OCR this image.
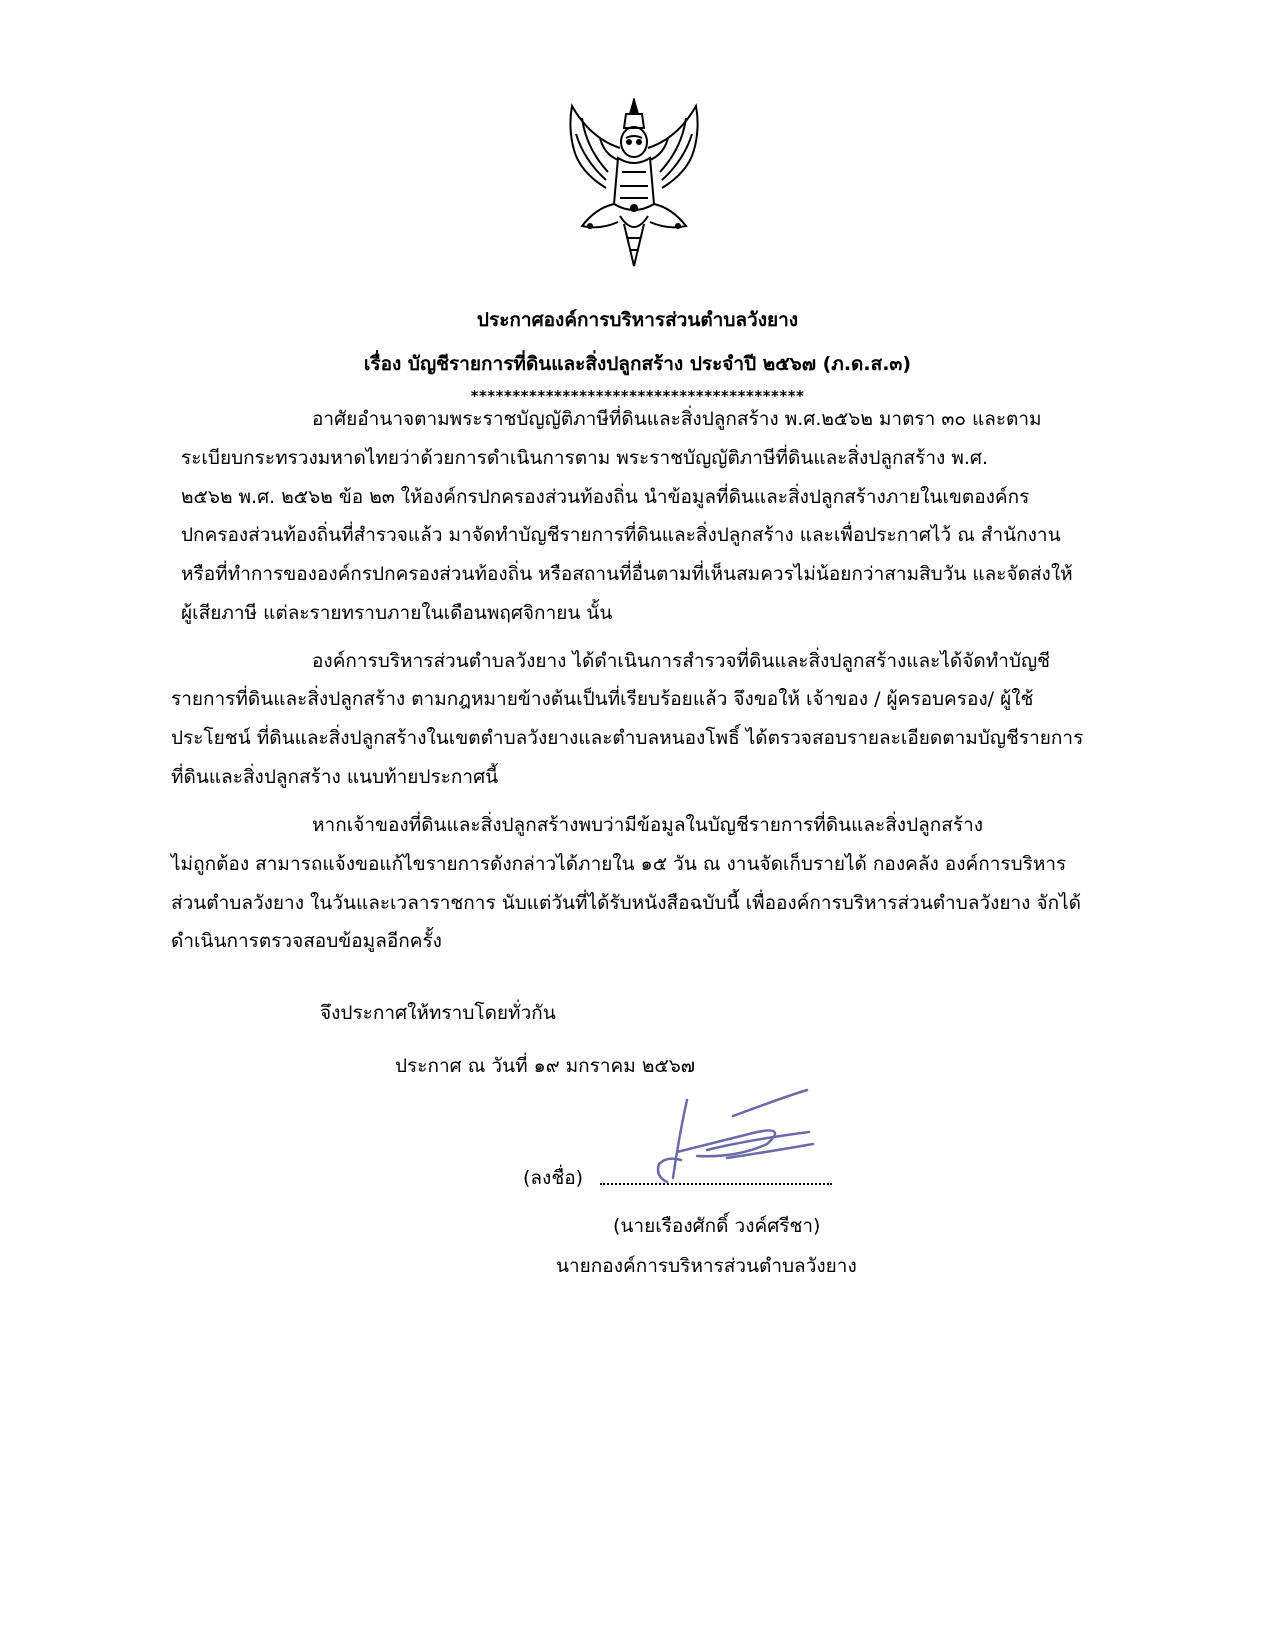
ประกาศองค์การบริหารส่วนตำบลวังยาง
เรื่อง บัญชีรายการที่ดินและสิ่งปลูกสร้าง ประจำปี ๒๕๖๗ (ภ.ด.ส.๓)
****************************************
อาศัยอำนาจตามพระราชบัญญัติภาษีที่ดินและสิ่งปลูกสร้าง พ.ศ.๒๕๖๒ มาตรา ๓๐ และตาม
ระเบียบกระทรวงมหาดไทยว่าด้วยการดำเนินการตาม พระราชบัญญัติภาษีที่ดินและสิ่งปลูกสร้าง พ.ศ.
๒๕๖๒ พ.ศ. ๒๕๖๒ ข้อ ๒๓ ให้องค์กรปกครองส่วนท้องถิ่น นำข้อมูลที่ดินและสิ่งปลูกสร้างภายในเขตองค์กร
ปกครองส่วนท้องถิ่นที่สำรวจแล้ว มาจัดทำบัญชีรายการที่ดินและสิ่งปลูกสร้าง และเพื่อประกาศไว้ ณ สำนักงาน
หรือที่ทำการขององค์กรปกครองส่วนท้องถิ่น หรือสถานที่อื่นตามที่เห็นสมควรไม่น้อยกว่าสามสิบวัน และจัดส่งให้
ผู้เสียภาษี แต่ละรายทราบภายในเดือนพฤศจิกายน นั้น
องค์การบริหารส่วนตำบลวังยาง ได้ดำเนินการสำรวจที่ดินและสิ่งปลูกสร้างและได้จัดทำบัญชี
รายการที่ดินและสิ่งปลูกสร้าง ตามกฎหมายข้างต้นเป็นที่เรียบร้อยแล้ว จึงขอให้ เจ้าของ / ผู้ครอบครอง/ ผู้ใช้
ประโยชน์ ที่ดินและสิ่งปลูกสร้างในเขตตำบลวังยางและตำบลหนองโพธิ์ ได้ตรวจสอบรายละเอียดตามบัญชีรายการ
ที่ดินและสิ่งปลูกสร้าง แนบท้ายประกาศนี้
หากเจ้าของที่ดินและสิ่งปลูกสร้างพบว่ามีข้อมูลในบัญชีรายการที่ดินและสิ่งปลูกสร้าง
ไม่ถูกต้อง สามารถแจ้งขอแก้ไขรายการดังกล่าวได้ภายใน ๑๕ วัน ณ งานจัดเก็บรายได้ กองคลัง องค์การบริหาร
ส่วนตำบลวังยาง ในวันและเวลาราชการ นับแต่วันที่ได้รับหนังสือฉบับนี้ เพื่อองค์การบริหารส่วนตำบลวังยาง จักได้
ดำเนินการตรวจสอบข้อมูลอีกครั้ง
จึงประกาศให้ทราบโดยทั่วกัน
ประกาศ ณ วันที่ ๑๙ มกราคม ๒๕๖๗
(ลงชื่อ)
(นายเรืองศักดิ์ วงค์ศรีชา)
นายกองค์การบริหารส่วนตำบลวังยาง
